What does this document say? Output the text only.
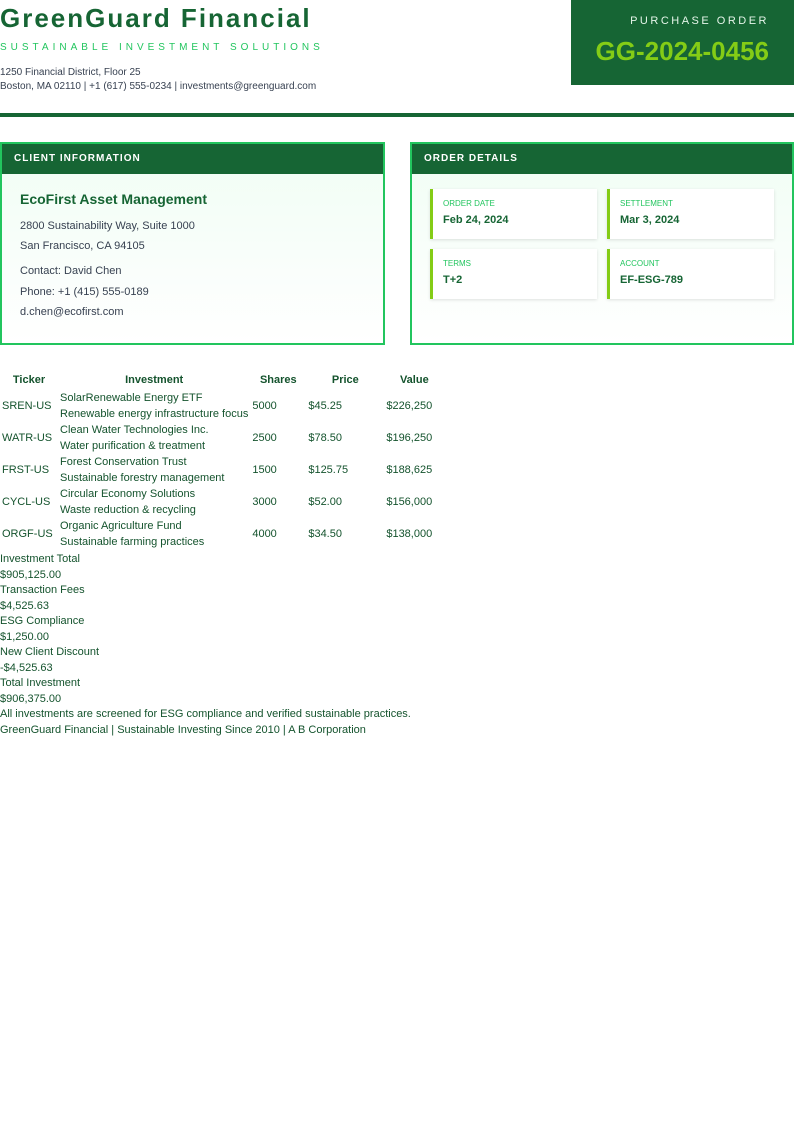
GreenGuard Financial
SUSTAINABLE INVESTMENT SOLUTIONS
1250 Financial District, Floor 25
Boston, MA 02110 | +1 (617) 555-0234 | investments@greenguard.com
PURCHASE ORDER
GG-2024-0456
CLIENT INFORMATION
EcoFirst Asset Management
2800 Sustainability Way, Suite 1000
San Francisco, CA 94105
Contact: David Chen
Phone: +1 (415) 555-0189
d.chen@ecofirst.com
ORDER DETAILS
ORDER DATE
Feb 24, 2024
SETTLEMENT
Mar 3, 2024
TERMS
T+2
ACCOUNT
EF-ESG-789
Ticker	Investment	Shares	Price	Value
SREN-US	SolarRenewable Energy ETF
Renewable energy infrastructure focus	5000	$45.25	$226,250
WATR-US	Clean Water Technologies Inc.
Water purification & treatment	2500	$78.50	$196,250
FRST-US	Forest Conservation Trust
Sustainable forestry management	1500	$125.75	$188,625
CYCL-US	Circular Economy Solutions
Waste reduction & recycling	3000	$52.00	$156,000
ORGF-US	Organic Agriculture Fund
Sustainable farming practices	4000	$34.50	$138,000
Investment Total
$905,125.00
Transaction Fees
$4,525.63
ESG Compliance
$1,250.00
New Client Discount
-$4,525.63
Total Investment
$906,375.00
All investments are screened for ESG compliance and verified sustainable practices.
GreenGuard Financial | Sustainable Investing Since 2010 | A B Corporation
